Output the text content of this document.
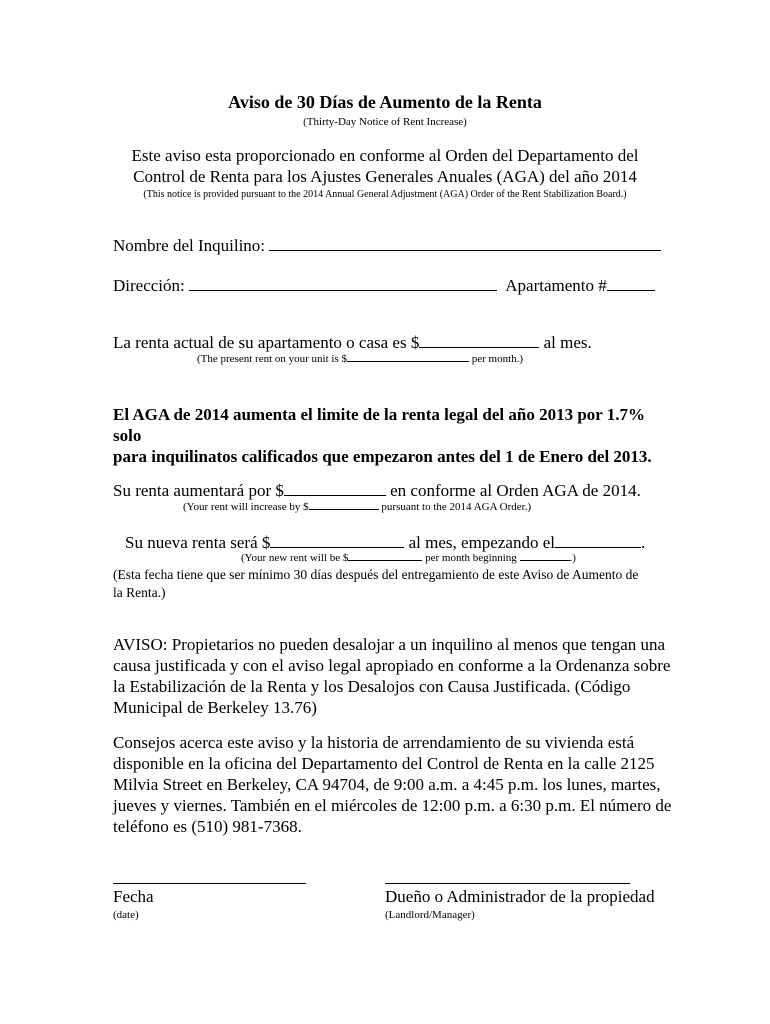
Aviso de 30 Días de Aumento de la Renta
(Thirty-Day Notice of Rent Increase)
Este aviso esta proporcionado en conforme al Orden del Departamento del
Control de Renta para los Ajustes Generales Anuales (AGA) del año 2014
(This notice is provided pursuant to the 2014 Annual General Adjustment (AGA) Order of the Rent Stabilization Board.)
Nombre del Inquilino:
Dirección:	Apartamento #
La renta actual de su apartamento o casa es $	al mes.
(The present rent on your unit is $	per month.)
El AGA de 2014 aumenta el limite de la renta legal del año 2013 por 1.7% solo
para inquilinatos calificados que empezaron antes del 1 de Enero del 2013.
Su renta aumentará por $	en conforme al Orden AGA de 2014.
(Your rent will increase by $	pursuant to the 2014 AGA Order.)
Su nueva renta será $	al mes, empezando el	.
(Your new rent will be $	per month beginning	.)
(Esta fecha tiene que ser mínimo 30 días después del entregamiento de este Aviso de Aumento de
la Renta.)
AVISO: Propietarios no pueden desalojar a un inquilino al menos que tengan una
causa justificada y con el aviso legal apropiado en conforme a la Ordenanza sobre
la Estabilización de la Renta y los Desalojos con Causa Justificada. (Código
Municipal de Berkeley 13.76)
Consejos acerca este aviso y la historia de arrendamiento de su vivienda está
disponible en la oficina del Departamento del Control de Renta en la calle 2125
Milvia Street en Berkeley, CA 94704, de 9:00 a.m. a 4:45 p.m. los lunes, martes,
jueves y viernes. También en el miércoles de 12:00 p.m. a 6:30 p.m. El número de
teléfono es (510) 981-7368.
Fecha
(date)
Dueño o Administrador de la propiedad
(Landlord/Manager)
